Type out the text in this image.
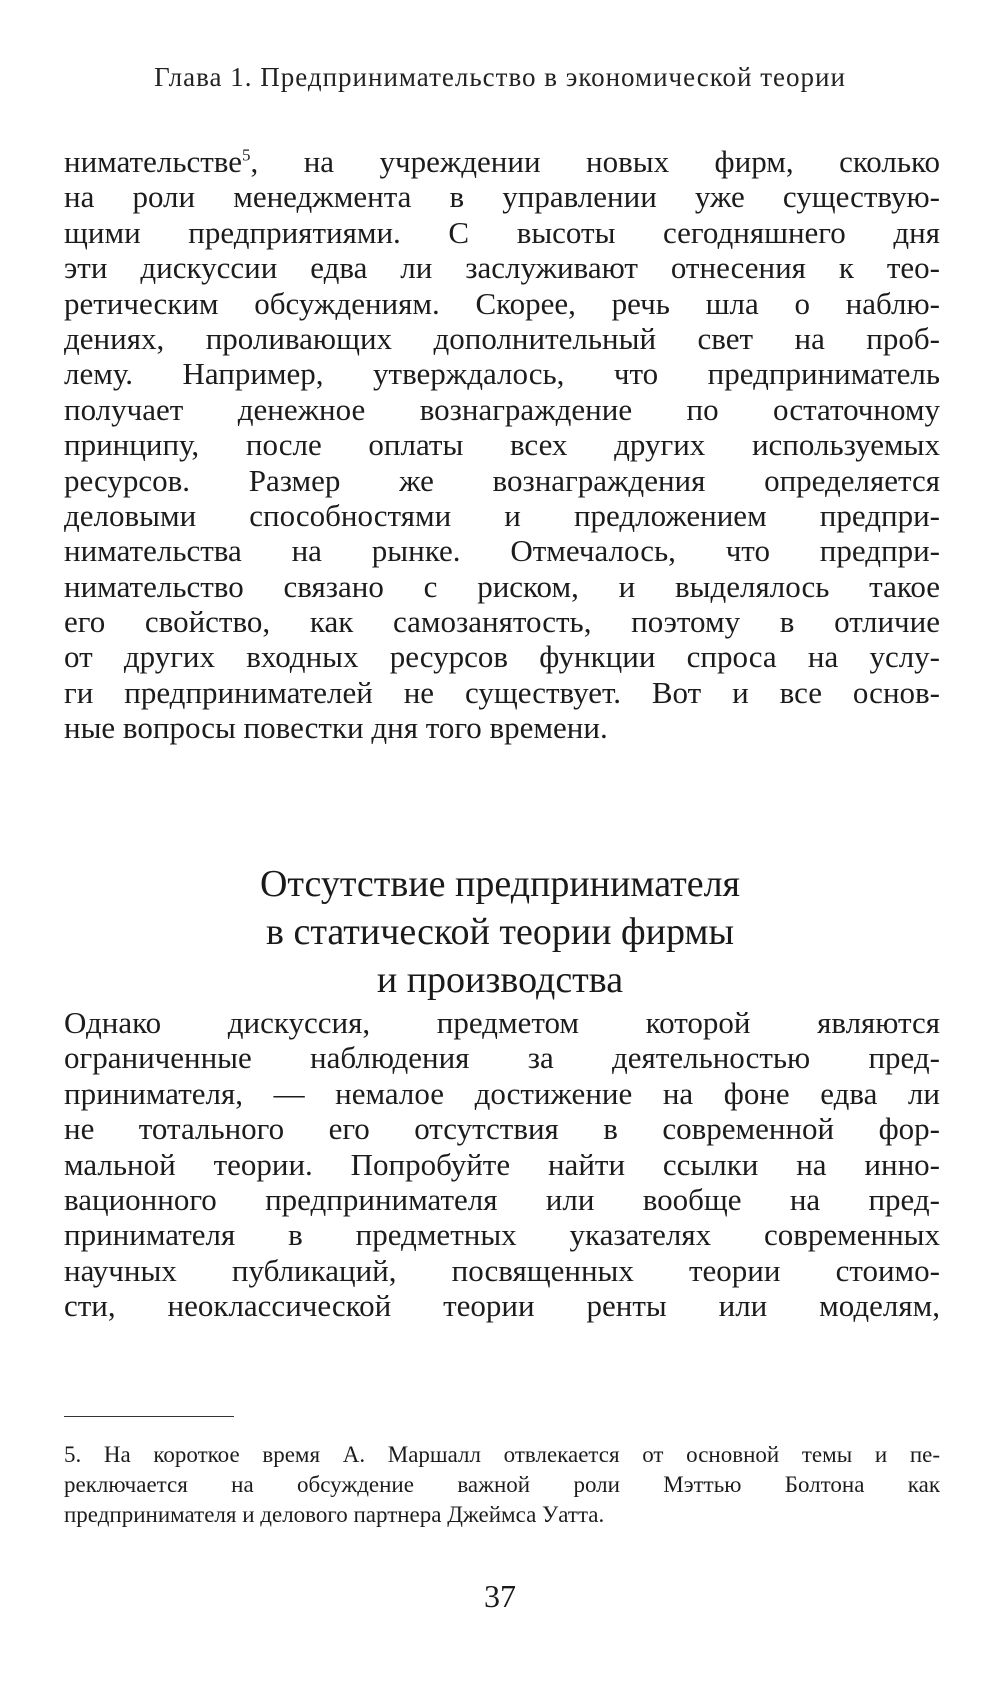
Глава 1. Предпринимательство в экономической теории
нимательстве$^5$, на учреждении новых фирм, сколько
на роли менеджмента в управлении уже существую-
щими предприятиями. С высоты сегодняшнего дня
эти дискуссии едва ли заслуживают отнесения к тео-
ретическим обсуждениям. Скорее, речь шла о наблю-
дениях, проливающих дополнительный свет на проб-
лему. Например, утверждалось, что предприниматель
получает денежное вознаграждение по остаточному
принципу, после оплаты всех других используемых
ресурсов. Размер же вознаграждения определяется
деловыми способностями и предложением предпри-
нимательства на рынке. Отмечалось, что предпри-
нимательство связано с риском, и выделялось такое
его свойство, как самозанятость, поэтому в отличие
от других входных ресурсов функции спроса на услу-
ги предпринимателей не существует. Вот и все основ-
ные вопросы повестки дня того времени.
Отсутствие предпринимателя
в статической теории фирмы
и производства
Однако дискуссия, предметом которой являются
ограниченные наблюдения за деятельностью пред-
принимателя, — немалое достижение на фоне едва ли
не тотального его отсутствия в современной фор-
мальной теории. Попробуйте найти ссылки на инно-
вационного предпринимателя или вообще на пред-
принимателя в предметных указателях современных
научных публикаций, посвященных теории стоимо-
сти, неоклассической теории ренты или моделям,
5. На короткое время А. Маршалл отвлекается от основной темы и пе-
реключается на обсуждение важной роли Мэттью Болтона как
предпринимателя и делового партнера Джеймса Уатта.
37
